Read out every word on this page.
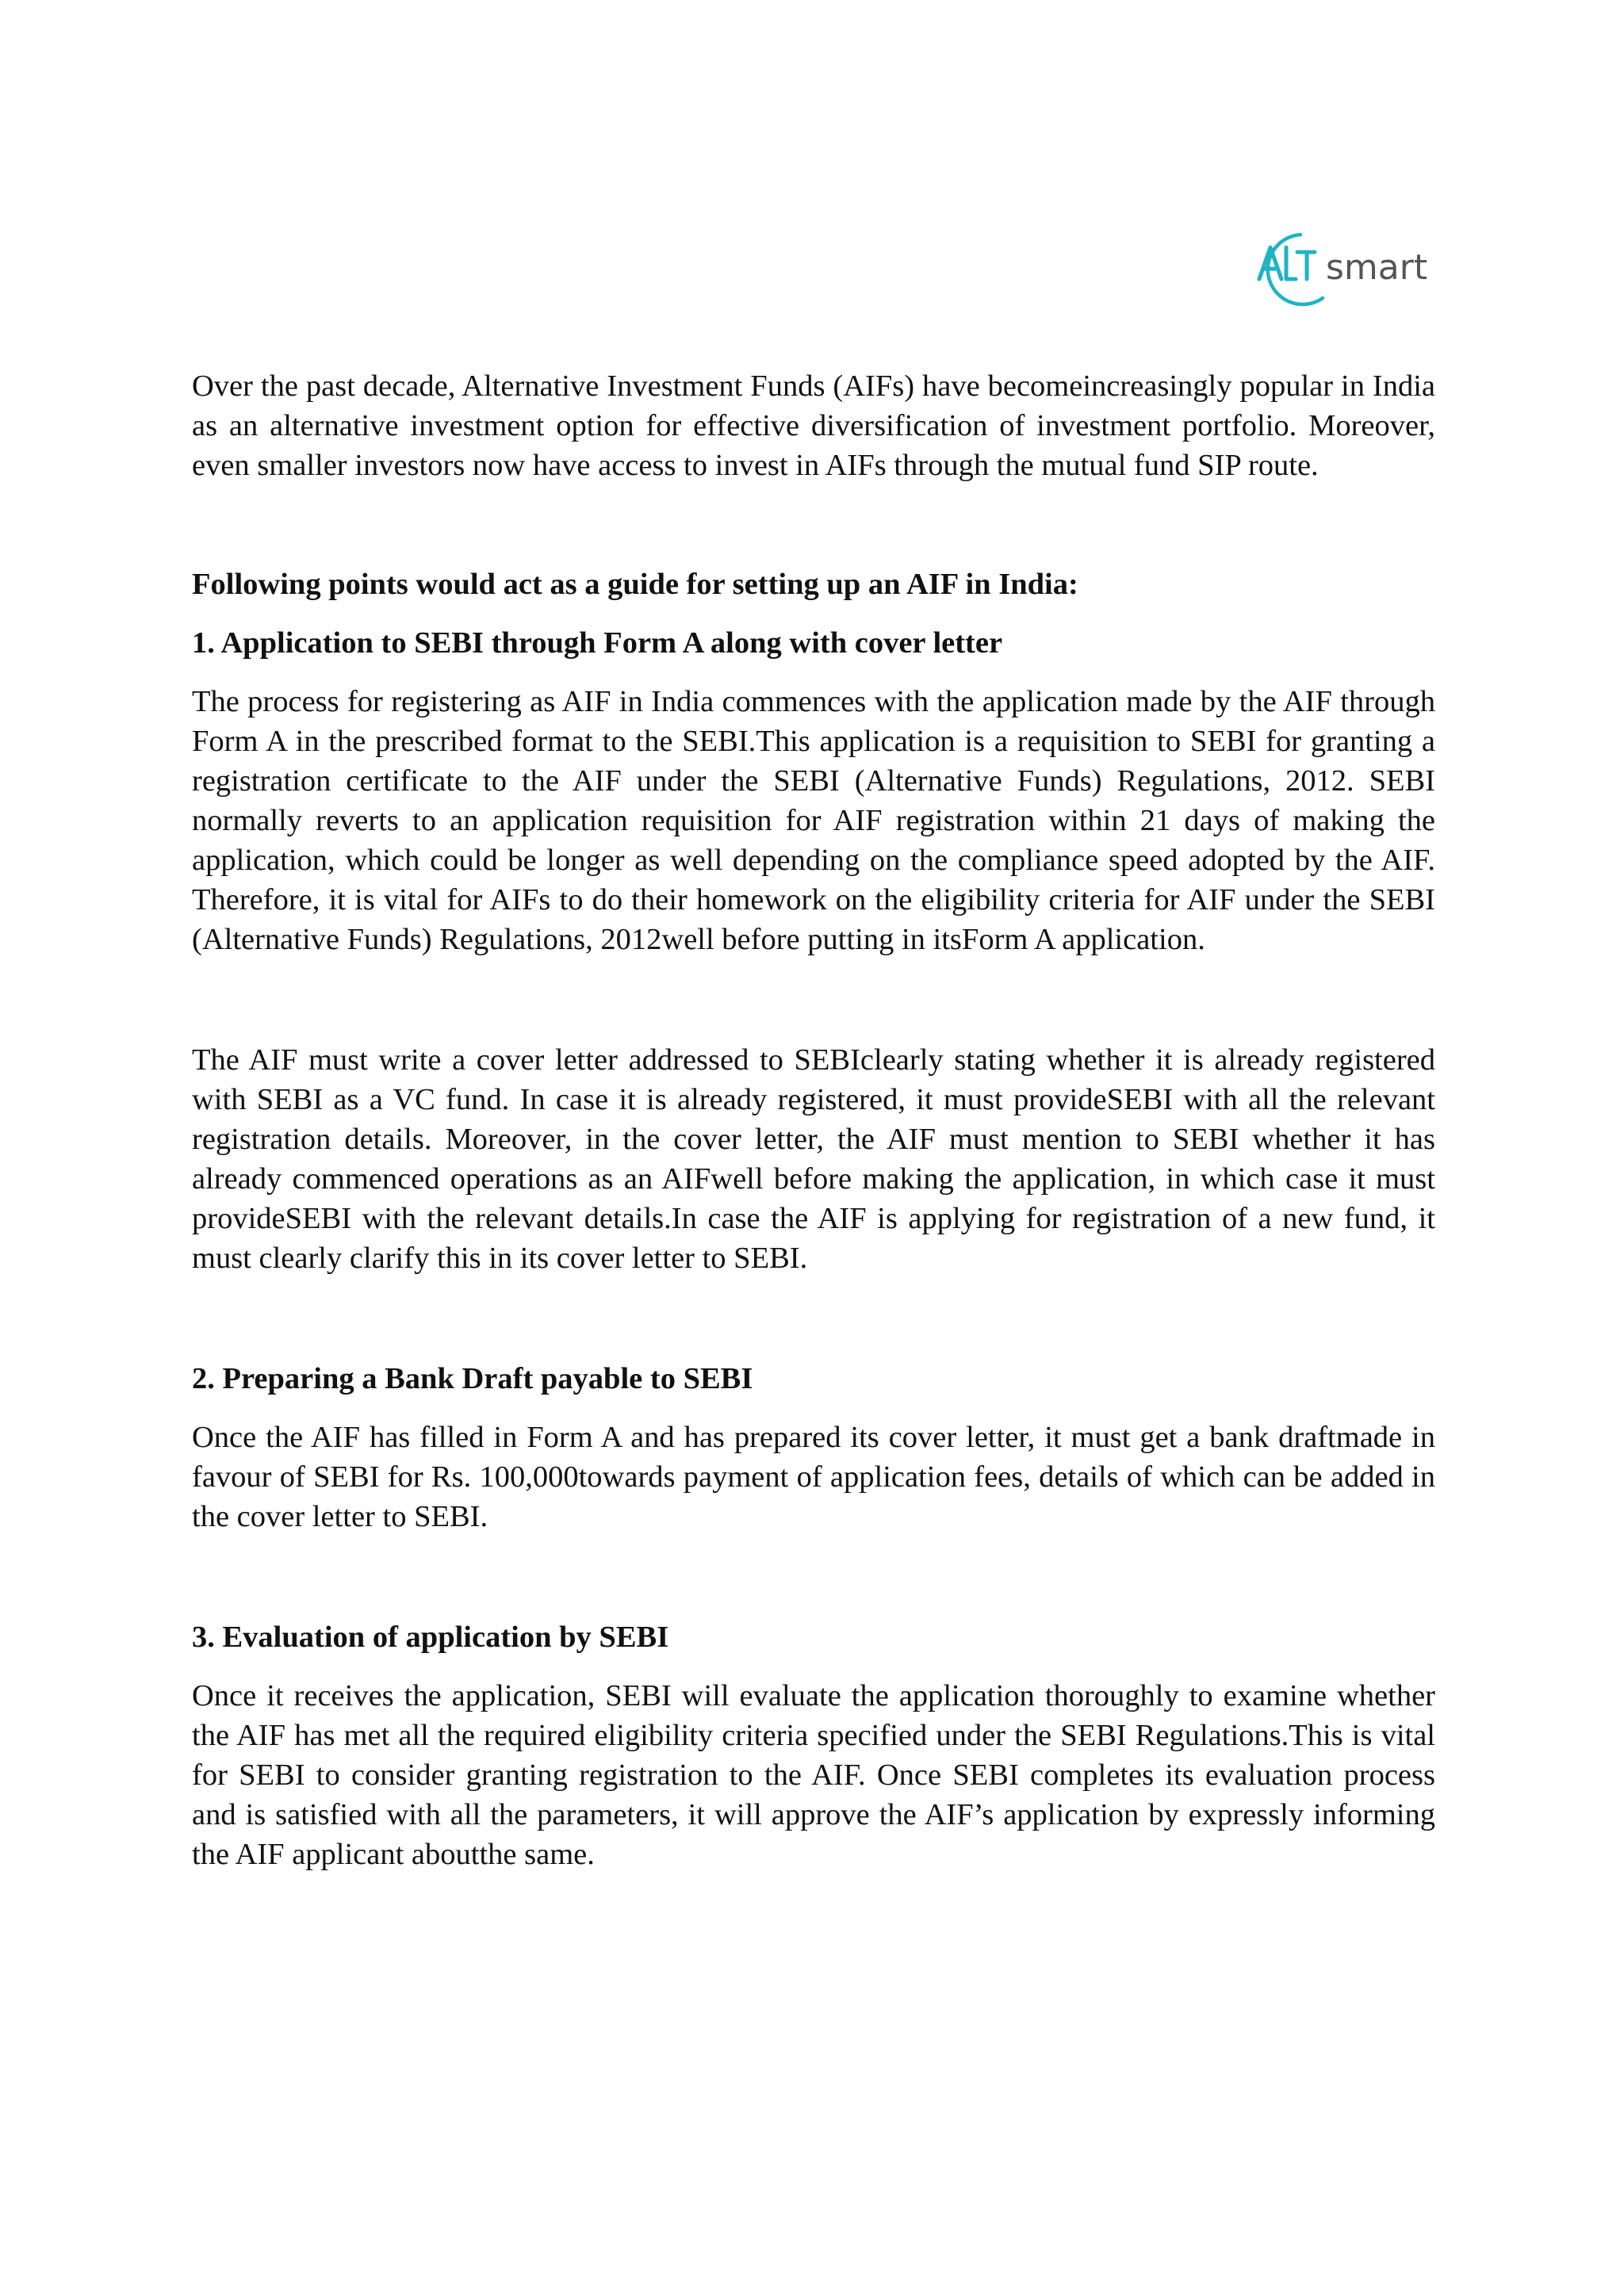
smart

Over the past decade, Alternative Investment Funds (AIFs) have becomeincreasingly popular in India as an alternative investment option for effective diversification of investment portfolio. Moreover, even smaller investors now have access to invest in AIFs through the mutual fund SIP route.

Following points would act as a guide for setting up an AIF in India:
1. Application to SEBI through Form A along with cover letter

The process for registering as AIF in India commences with the application made by the AIF through Form A in the prescribed format to the SEBI.This application is a requisition to SEBI for granting a registration certificate to the AIF under the SEBI (Alternative Funds) Regulations, 2012. SEBI normally reverts to an application requisition for AIF registration within 21 days of making the application, which could be longer as well depending on the compliance speed adopted by the AIF. Therefore, it is vital for AIFs to do their homework on the eligibility criteria for AIF under the SEBI (Alternative Funds) Regulations, 2012well before putting in itsForm A application.

The AIF must write a cover letter addressed to SEBIclearly stating whether it is already registered with SEBI as a VC fund. In case it is already registered, it must provideSEBI with all the relevant registration details. Moreover, in the cover letter, the AIF must mention to SEBI whether it has already commenced operations as an AIFwell before making the application, in which case it must provideSEBI with the relevant details.In case the AIF is applying for registration of a new fund, it must clearly clarify this in its cover letter to SEBI.

2. Preparing a Bank Draft payable to SEBI

Once the AIF has filled in Form A and has prepared its cover letter, it must get a bank draftmade in favour of SEBI for Rs. 100,000towards payment of application fees, details of which can be added in the cover letter to SEBI.

3. Evaluation of application by SEBI

Once it receives the application, SEBI will evaluate the application thoroughly to examine whether the AIF has met all the required eligibility criteria specified under the SEBI Regulations.This is vital for SEBI to consider granting registration to the AIF. Once SEBI completes its evaluation process and is satisfied with all the parameters, it will approve the AIF’s application by expressly informing the AIF applicant aboutthe same.
